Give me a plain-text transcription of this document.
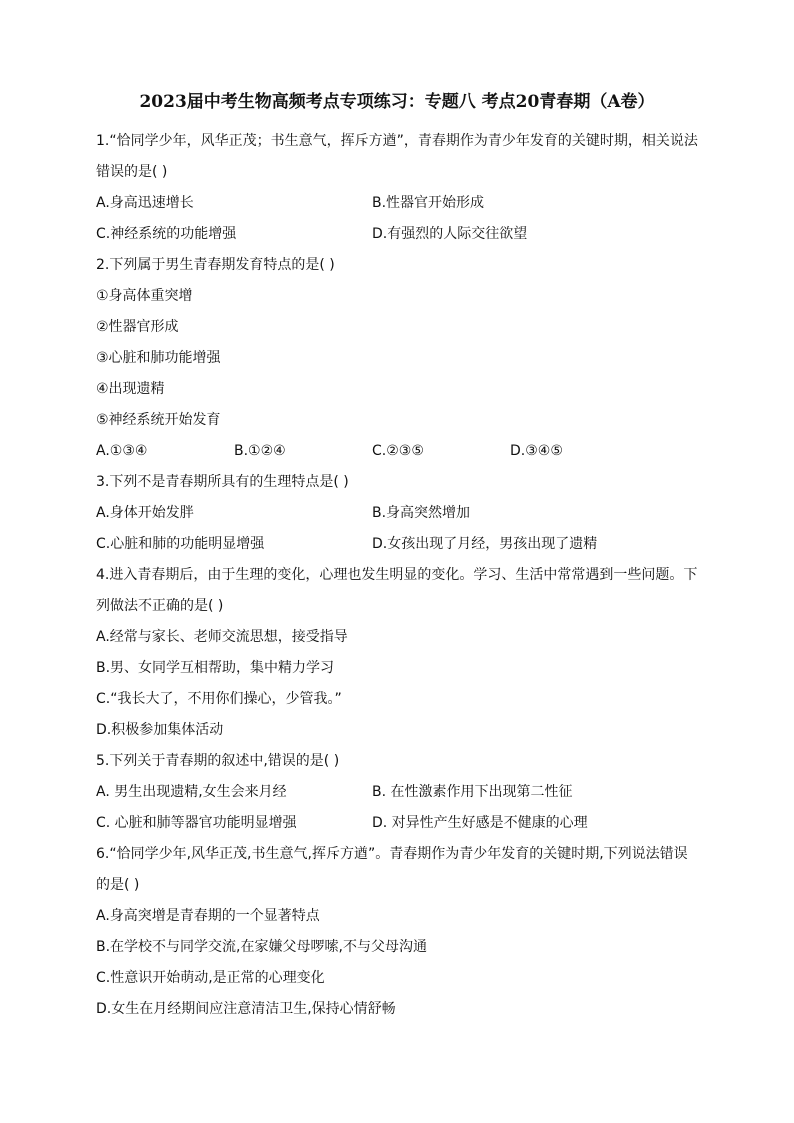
2023届中考生物高频考点专项练习：专题八 考点20青春期（A卷）
1.“恰同学少年，风华正茂；书生意气，挥斥方遒”，青春期作为青少年发育的关键时期，相关说法错误的是( )
A.身高迅速增长	B.性器官开始形成
C.神经系统的功能增强	D.有强烈的人际交往欲望
2.下列属于男生青春期发育特点的是( )
①身高体重突增
②性器官形成
③心脏和肺功能增强
④出现遗精
⑤神经系统开始发育
A.①③④	B.①②④	C.②③⑤	D.③④⑤
3.下列不是青春期所具有的生理特点是( )
A.身体开始发胖	B.身高突然增加
C.心脏和肺的功能明显增强	D.女孩出现了月经，男孩出现了遗精
4.进入青春期后，由于生理的变化，心理也发生明显的变化。学习、生活中常常遇到一些问题。下列做法不正确的是( )
A.经常与家长、老师交流思想，接受指导
B.男、女同学互相帮助，集中精力学习
C.“我长大了，不用你们操心，少管我。”
D.积极参加集体活动
5.下列关于青春期的叙述中,错误的是( )
A. 男生出现遗精,女生会来月经	B. 在性激素作用下出现第二性征
C. 心脏和肺等器官功能明显增强	D. 对异性产生好感是不健康的心理
6.“恰同学少年,风华正茂,书生意气,挥斥方遒”。青春期作为青少年发育的关键时期,下列说法错误的是( )
A.身高突增是青春期的一个显著特点
B.在学校不与同学交流,在家嫌父母啰嗦,不与父母沟通
C.性意识开始萌动,是正常的心理变化
D.女生在月经期间应注意清洁卫生,保持心情舒畅
